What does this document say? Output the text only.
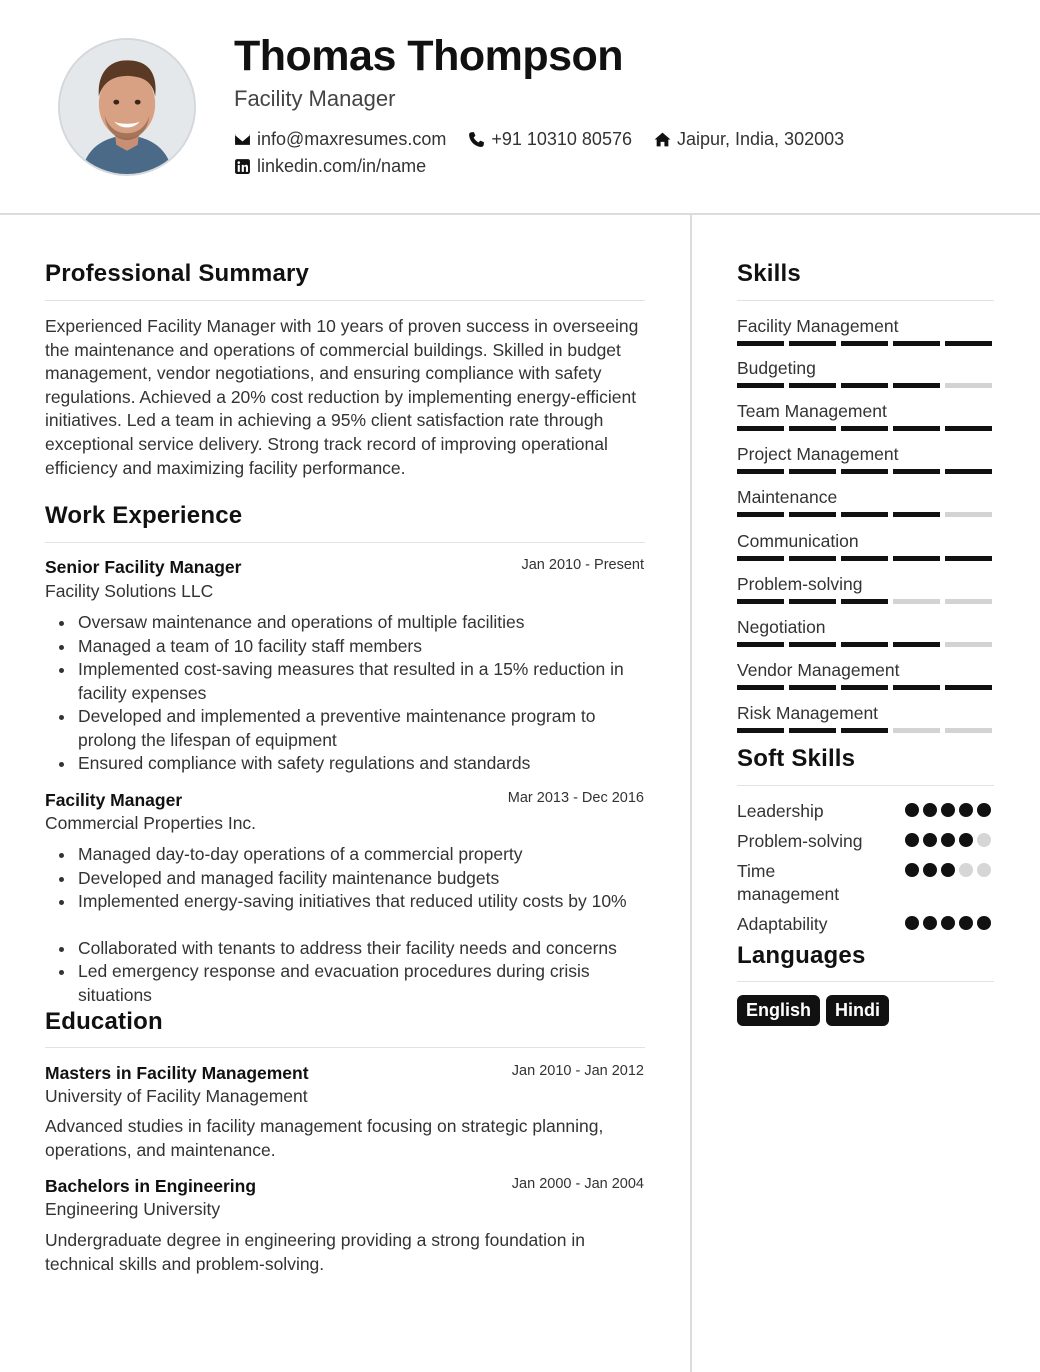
Thomas Thompson
Facility Manager
info@maxresumes.com	+91 10310 80576	Jaipur, India, 302003
linkedin.com/in/name
Professional Summary
Experienced Facility Manager with 10 years of proven success in overseeing the maintenance and operations of commercial buildings. Skilled in budget management, vendor negotiations, and ensuring compliance with safety regulations. Achieved a 20% cost reduction by implementing energy-efficient initiatives. Led a team in achieving a 95% client satisfaction rate through exceptional service delivery. Strong track record of improving operational efficiency and maximizing facility performance.
Work Experience
Senior Facility Manager	Jan 2010 - Present
Facility Solutions LLC
Oversaw maintenance and operations of multiple facilities
Managed a team of 10 facility staff members
Implemented cost-saving measures that resulted in a 15% reduction in facility expenses
Developed and implemented a preventive maintenance program to prolong the lifespan of equipment
Ensured compliance with safety regulations and standards
Facility Manager	Mar 2013 - Dec 2016
Commercial Properties Inc.
Managed day-to-day operations of a commercial property
Developed and managed facility maintenance budgets
Implemented energy-saving initiatives that reduced utility costs by 10%
Collaborated with tenants to address their facility needs and concerns
Led emergency response and evacuation procedures during crisis situations
Education
Masters in Facility Management	Jan 2010 - Jan 2012
University of Facility Management
Advanced studies in facility management focusing on strategic planning, operations, and maintenance.
Bachelors in Engineering	Jan 2000 - Jan 2004
Engineering University
Undergraduate degree in engineering providing a strong foundation in technical skills and problem-solving.
Skills
Facility Management
Budgeting
Team Management
Project Management
Maintenance
Communication
Problem-solving
Negotiation
Vendor Management
Risk Management
Soft Skills
Leadership
Problem-solving
Time management
Adaptability
Languages
English	Hindi
